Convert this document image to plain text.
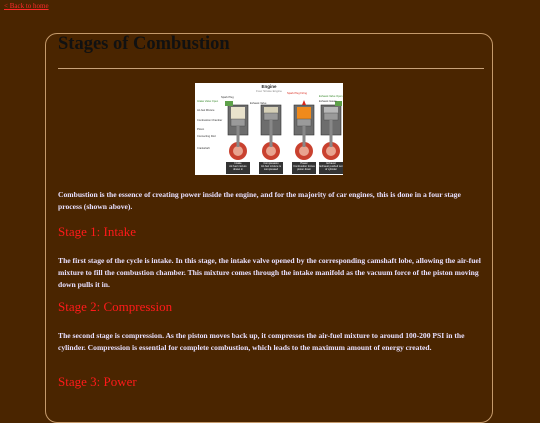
< Back to home
Stages of Combustion
Engine
Four Stroke Engine
Intake Valve Open
Spark Plug
Exhaust Valve
Air-fuel Mixture
Combustion Chamber
Piston
Connecting Rod
Crankshaft
Spark Plug Firing
Exhaust Valve Open
Exhaust Gases
Intake
Air-fuel mixture drawn in
Compression
Air-fuel mixture is compressed
Power
Combustion forces piston down
Exhaust
Exhaust pushed out of cylinder

Combustion is the essence of creating power inside the engine, and for the majority of car engines, this is done in a four stage process (shown above).

Stage 1: Intake

The first stage of the cycle is intake. In this stage, the intake valve opened by the corresponding camshaft lobe, allowing the air-fuel mixture to fill the combustion chamber. This mixture comes through the intake manifold as the vacuum force of the piston moving down pulls it in.

Stage 2: Compression

The second stage is compression. As the piston moves back up, it compresses the air-fuel mixture to around 100-200 PSI in the cylinder. Compression is essential for complete combustion, which leads to the maximum amount of energy created.

Stage 3: Power
